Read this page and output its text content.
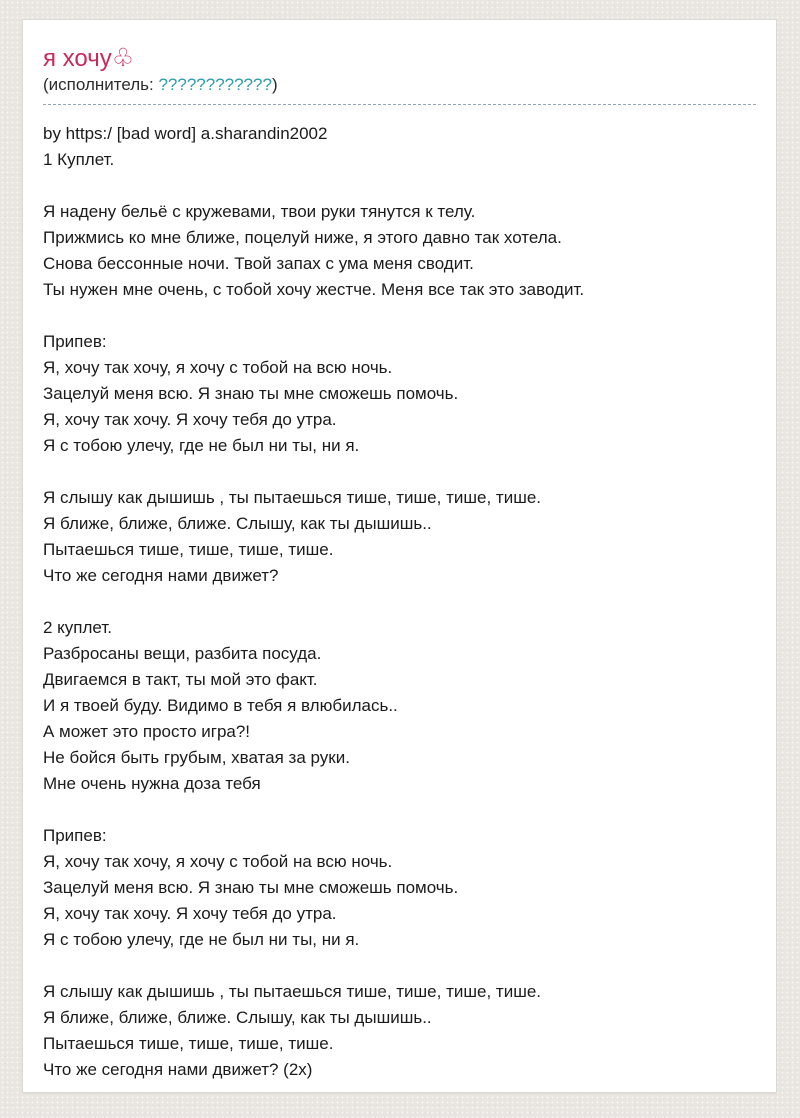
я хочу♧
(исполнитель: ????????????)
by https:/ [bad word] a.sharandin2002
1 Куплет.

Я надену бельё с кружевами, твои руки тянутся к телу.
Прижмись ко мне ближе, поцелуй ниже, я этого давно так хотела.
Снова бессонные ночи. Твой запах с ума меня сводит.
Ты нужен мне очень, с тобой хочу жестче. Меня все так это заводит.

Припев:
Я, хочу так хочу, я хочу с тобой на всю ночь.
Зацелуй меня всю. Я знаю ты мне сможешь помочь.
Я, хочу так хочу. Я хочу тебя до утра.
Я с тобою улечу, где не был ни ты, ни я.

Я слышу как дышишь , ты пытаешься тише, тише, тише, тише.
Я ближе, ближе, ближе. Слышу, как ты дышишь..
Пытаешься тише, тише, тише, тише.
Что же сегодня нами движет?

2 куплет.
Разбросаны вещи, разбита посуда.
Двигаемся в такт, ты мой это факт.
И я твоей буду. Видимо в тебя я влюбилась..
А может это просто игра?!
Не бойся быть грубым, хватая за руки.
Мне очень нужна доза тебя

Припев:
Я, хочу так хочу, я хочу с тобой на всю ночь.
Зацелуй меня всю. Я знаю ты мне сможешь помочь.
Я, хочу так хочу. Я хочу тебя до утра.
Я с тобою улечу, где не был ни ты, ни я.

Я слышу как дышишь , ты пытаешься тише, тише, тише, тише.
Я ближе, ближе, ближе. Слышу, как ты дышишь..
Пытаешься тише, тише, тише, тише.
Что же сегодня нами движет? (2x)
